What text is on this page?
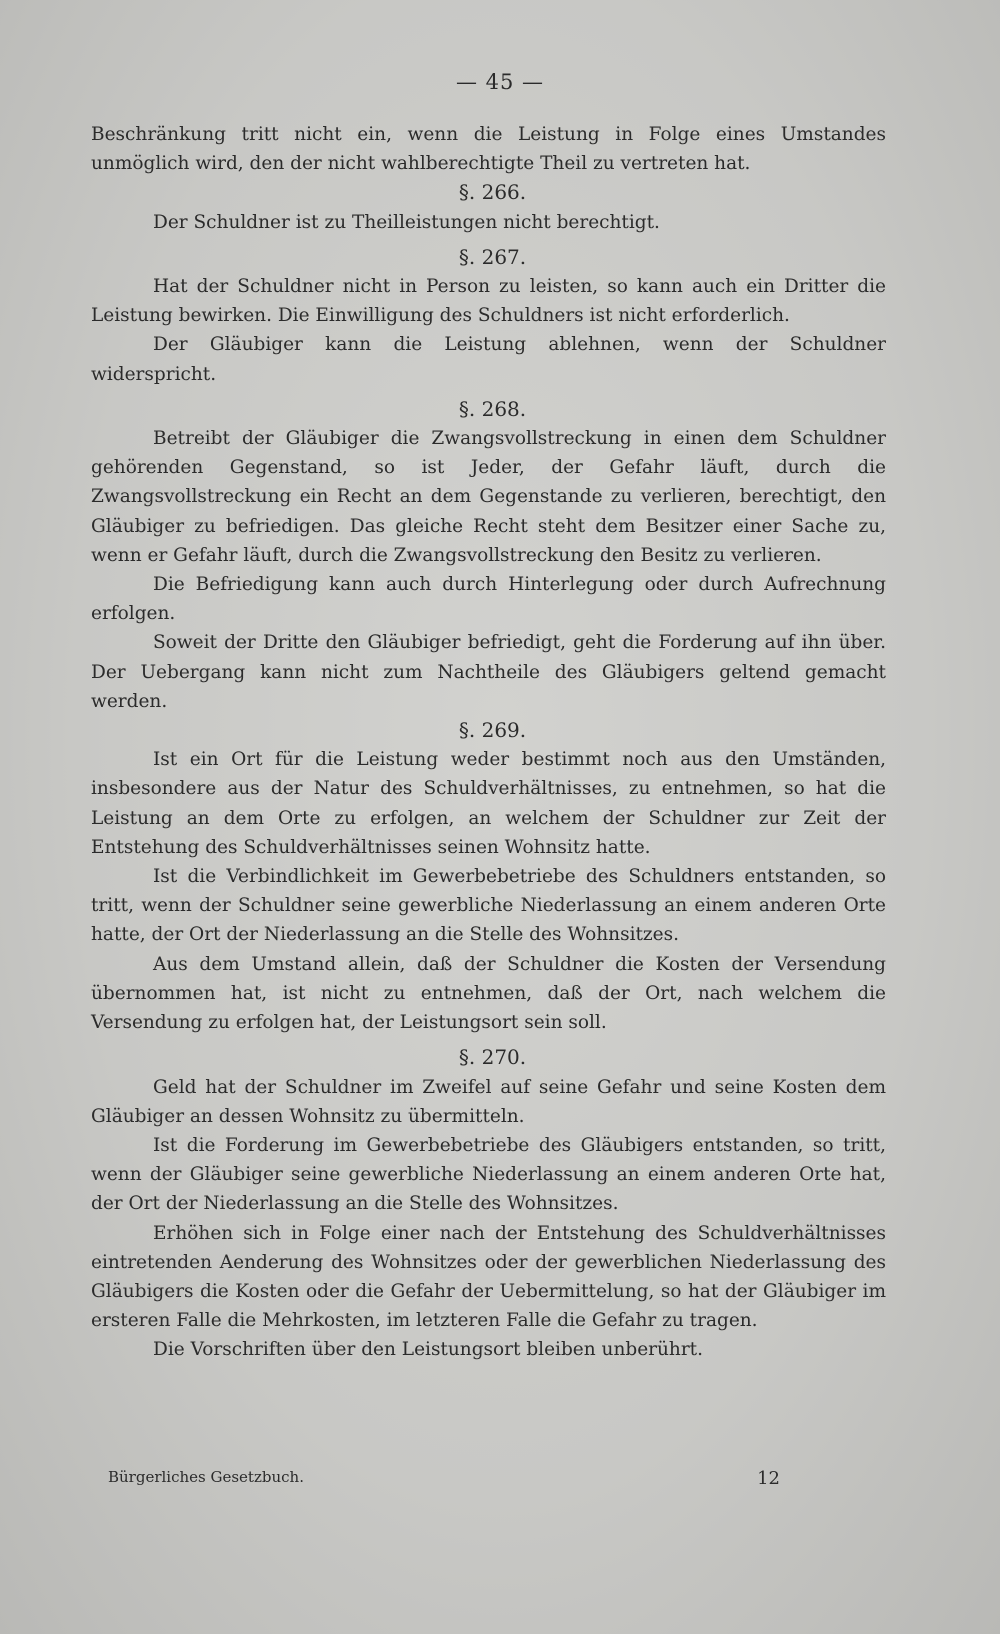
— 45 —

Beschränkung tritt nicht ein, wenn die Leistung in Folge eines Umstandes unmöglich wird, den der nicht wahlberechtigte Theil zu vertreten hat.

§. 266.

Der Schuldner ist zu Theilleistungen nicht berechtigt.

§. 267.

Hat der Schuldner nicht in Person zu leisten, so kann auch ein Dritter die Leistung bewirken. Die Einwilligung des Schuldners ist nicht erforderlich.

Der Gläubiger kann die Leistung ablehnen, wenn der Schuldner widerspricht.

§. 268.

Betreibt der Gläubiger die Zwangsvollstreckung in einen dem Schuldner gehörenden Gegenstand, so ist Jeder, der Gefahr läuft, durch die Zwangsvollstreckung ein Recht an dem Gegenstande zu verlieren, berechtigt, den Gläubiger zu befriedigen. Das gleiche Recht steht dem Besitzer einer Sache zu, wenn er Gefahr läuft, durch die Zwangsvollstreckung den Besitz zu verlieren.

Die Befriedigung kann auch durch Hinterlegung oder durch Aufrechnung erfolgen.

Soweit der Dritte den Gläubiger befriedigt, geht die Forderung auf ihn über. Der Uebergang kann nicht zum Nachtheile des Gläubigers geltend gemacht werden.

§. 269.

Ist ein Ort für die Leistung weder bestimmt noch aus den Umständen, insbesondere aus der Natur des Schuldverhältnisses, zu entnehmen, so hat die Leistung an dem Orte zu erfolgen, an welchem der Schuldner zur Zeit der Entstehung des Schuldverhältnisses seinen Wohnsitz hatte.

Ist die Verbindlichkeit im Gewerbebetriebe des Schuldners entstanden, so tritt, wenn der Schuldner seine gewerbliche Niederlassung an einem anderen Orte hatte, der Ort der Niederlassung an die Stelle des Wohnsitzes.

Aus dem Umstand allein, daß der Schuldner die Kosten der Versendung übernommen hat, ist nicht zu entnehmen, daß der Ort, nach welchem die Versendung zu erfolgen hat, der Leistungsort sein soll.

§. 270.

Geld hat der Schuldner im Zweifel auf seine Gefahr und seine Kosten dem Gläubiger an dessen Wohnsitz zu übermitteln.

Ist die Forderung im Gewerbebetriebe des Gläubigers entstanden, so tritt, wenn der Gläubiger seine gewerbliche Niederlassung an einem anderen Orte hat, der Ort der Niederlassung an die Stelle des Wohnsitzes.

Erhöhen sich in Folge einer nach der Entstehung des Schuldverhältnisses eintretenden Aenderung des Wohnsitzes oder der gewerblichen Niederlassung des Gläubigers die Kosten oder die Gefahr der Uebermittelung, so hat der Gläubiger im ersteren Falle die Mehrkosten, im letzteren Falle die Gefahr zu tragen.

Die Vorschriften über den Leistungsort bleiben unberührt.

Bürgerliches Gesetzbuch.	12
